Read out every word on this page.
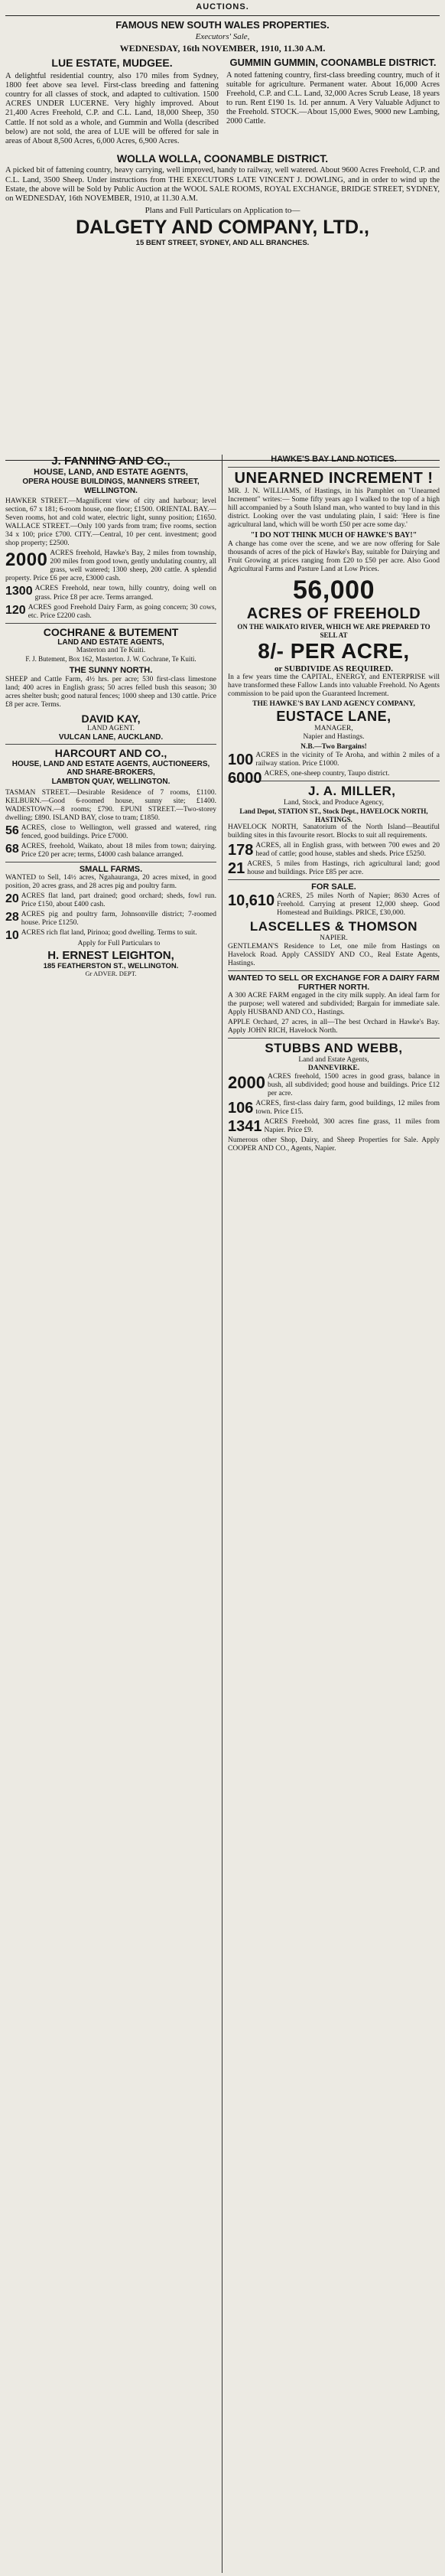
AUCTIONS.
FAMOUS NEW SOUTH WALES PROPERTIES.
Executors' Sale,
WEDNESDAY, 16th NOVEMBER, 1910, 11.30 A.M.
LUE ESTATE, MUDGEE.

A delightful residential country, also 170 miles from Sydney, 1800 feet above sea level. First-class breeding and fattening country for all classes of stock, and adapted to cultivation. 1500 ACRES UNDER LUCERNE. Very highly improved. About 21,400 Acres Freehold, C.P. and C.L. Land, 18,000 Sheep, 350 Cattle. If not sold as a whole, and Gummin and Wolla (described below) are not sold, the area of LUE will be offered for sale in areas of About 8,500 Acres, 6,000 Acres, 6,900 Acres.

GUMMIN GUMMIN, COONAMBLE DISTRICT.

A noted fattening country, first-class breeding country, much of it suitable for agriculture. Permanent water. About 16,000 Acres Freehold, C.P. and C.L. Land, 32,000 Acres Scrub Lease, 18 years to run. Rent £190 1s. 1d. per annum. A Very Valuable Adjunct to the Freehold. STOCK.—About 15,000 Ewes, 9000 new Lambing, 2000 Cattle.

WOLLA WOLLA, COONAMBLE DISTRICT.

A picked bit of fattening country, heavy carrying, well improved, handy to railway, well watered. About 9600 Acres Freehold, C.P. and C.L. Land, 3500 Sheep. Under instructions from THE EXECUTORS LATE VINCENT J. DOWLING, and in order to wind up the Estate, the above will be Sold by Public Auction at the WOOL SALE ROOMS, ROYAL EXCHANGE, BRIDGE STREET, SYDNEY, on WEDNESDAY, 16th NOVEMBER, 1910, at 11.30 A.M.

Plans and Full Particulars on Application to—
DALGETY AND COMPANY, LTD.,
15 BENT STREET, SYDNEY, AND ALL BRANCHES.
J. FANNING AND CO.,
HOUSE, LAND, AND ESTATE AGENTS,
OPERA HOUSE BUILDINGS, MANNERS STREET, WELLINGTON.

HAWKER STREET.—Magnificent view of city and harbour; level section, 67 x 181; 6-room house, one floor; £1500. ORIENTAL BAY.—Seven rooms, hot and cold water, electric light, sunny position; £1650. WALLACE STREET.—Only 100 yards from tram; five rooms, section 34 x 100; price £700. CITY.—Central, 10 per cent. investment; good shop property; £2500.

2000 ACRES freehold, Hawke's Bay, 2 miles from township, 200 miles from good town, gently undulating country, all grass, well watered; 1300 sheep, 200 cattle. A splendid property. Price £6 per acre, £3000 cash.

1300 ACRES Freehold, near town, hilly country, doing well on grass. Price £8 per acre. Terms arranged.

120 ACRES good Freehold Dairy Farm, as going concern; 30 cows, etc. Price £2200 cash.

COCHRANE & BUTEMENT
LAND AND ESTATE AGENTS,
Masterton and Te Kuiti.
F. J. Butement, Box 162, Masterton. J. W. Cochrane, Te Kuiti.
THE SUNNY NORTH.

SHEEP and Cattle Farm, 4½ hrs. per acre; 530 first-class limestone land; 400 acres in English grass; 50 acres felled bush this season; 30 acres shelter bush; good natural fences; 1000 sheep and 130 cattle. Price £8 per acre. Terms.

DAVID KAY,
LAND AGENT.
VULCAN LANE, AUCKLAND.
HARCOURT AND CO.,
HOUSE, LAND AND ESTATE AGENTS, AUCTIONEERS, AND SHARE-BROKERS,
LAMBTON QUAY, WELLINGTON.

TASMAN STREET.—Desirable Residence of 7 rooms, £1100. KELBURN.—Good 6-roomed house, sunny site; £1400. WADESTOWN.—8 rooms; £790. EPUNI STREET.—Two-storey dwelling; £890. ISLAND BAY, close to tram; £1850.

56 ACRES, close to Wellington, well grassed and watered, ring fenced, good buildings. Price £7000.

68 ACRES, freehold, Waikato, about 18 miles from town; dairying. Price £20 per acre; terms, £4000 cash balance arranged.

SMALL FARMS.

WANTED to Sell, 14½ acres, Ngahauranga, 20 acres mixed, in good position, 20 acres grass, and 28 acres pig and poultry farm.

20 ACRES flat land, part drained; good orchard; sheds, fowl run. Price £150, about £400 cash.

28 ACRES pig and poultry farm, Johnsonville district; 7-roomed house. Price £1250.

10 ACRES rich flat land, Pirinoa; good dwelling. Terms to suit.

Apply for Full Particulars to
H. ERNEST LEIGHTON,
185 FEATHERSTON ST., WELLINGTON.
Gr ADVER. DEPT.
HAWKE'S BAY LAND NOTICES.
UNEARNED INCREMENT !

MR. J. N. WILLIAMS, of Hastings, in his Pamphlet on "Unearned Increment" writes:— Some fifty years ago I walked to the top of a high hill accompanied by a South Island man, who wanted to buy land in this district. Looking over the vast undulating plain, I said: 'Here is fine agricultural land, which will be worth £50 per acre some day.'

"I DO NOT THINK MUCH OF HAWKE'S BAY!"

A change has come over the scene, and we are now offering for Sale thousands of acres of the pick of Hawke's Bay, suitable for Dairying and Fruit Growing at prices ranging from £20 to £50 per acre. Also Good Agricultural Farms and Pasture Land at Low Prices.

56,000
ACRES OF FREEHOLD
ON THE WAIKATO RIVER, WHICH WE ARE PREPARED TO SELL AT
8/- PER ACRE,
or SUBDIVIDE AS REQUIRED.

In a few years time the CAPITAL, ENERGY, and ENTERPRISE will have transformed these Fallow Lands into valuable Freehold. No Agents commission to be paid upon the Guaranteed Increment.

THE HAWKE'S BAY LAND AGENCY COMPANY,
EUSTACE LANE,
MANAGER,
Napier and Hastings.
N.B.—Two Bargains!

100 ACRES in the vicinity of Te Aroha, and within 2 miles of a railway station. Price £1000.

6000 ACRES, one-sheep country, Taupo district.

J. A. MILLER,
Land, Stock, and Produce Agency,
Land Depot, STATION ST., Stock Dept., HAVELOCK NORTH, HASTINGS.

HAVELOCK NORTH, Sanatorium of the North Island—Beautiful building sites in this favourite resort. Blocks to suit all requirements.

178 ACRES, all in English grass, with between 700 ewes and 20 head of cattle; good house, stables and sheds. Price £5250.

21 ACRES, 5 miles from Hastings, rich agricultural land; good house and buildings. Price £85 per acre.

FOR SALE.

10,610 ACRES, 25 miles North of Napier; 8630 Acres of Freehold. Carrying at present 12,000 sheep. Good Homestead and Buildings. PRICE, £30,000.

LASCELLES & THOMSON
NAPIER.

GENTLEMAN'S Residence to Let, one mile from Hastings on Havelock Road. Apply CASSIDY AND CO., Real Estate Agents, Hastings.

WANTED TO SELL OR EXCHANGE FOR A DAIRY FARM FURTHER NORTH.

A 300 ACRE FARM engaged in the city milk supply. An ideal farm for the purpose; well watered and subdivided; Bargain for immediate sale. Apply HUSBAND AND CO., Hastings.

APPLE Orchard, 27 acres, in all—The best Orchard in Hawke's Bay. Apply JOHN RICH, Havelock North.

STUBBS AND WEBB,
Land and Estate Agents,
DANNEVIRKE.

2000 ACRES freehold, 1500 acres in good grass, balance in bush, all subdivided; good house and buildings. Price £12 per acre.

106 ACRES, first-class dairy farm, good buildings, 12 miles from town. Price £15.

1341 ACRES Freehold, 300 acres fine grass, 11 miles from Napier. Price £9.

Numerous other Shop, Dairy, and Sheep Properties for Sale. Apply COOPER AND CO., Agents, Napier.
